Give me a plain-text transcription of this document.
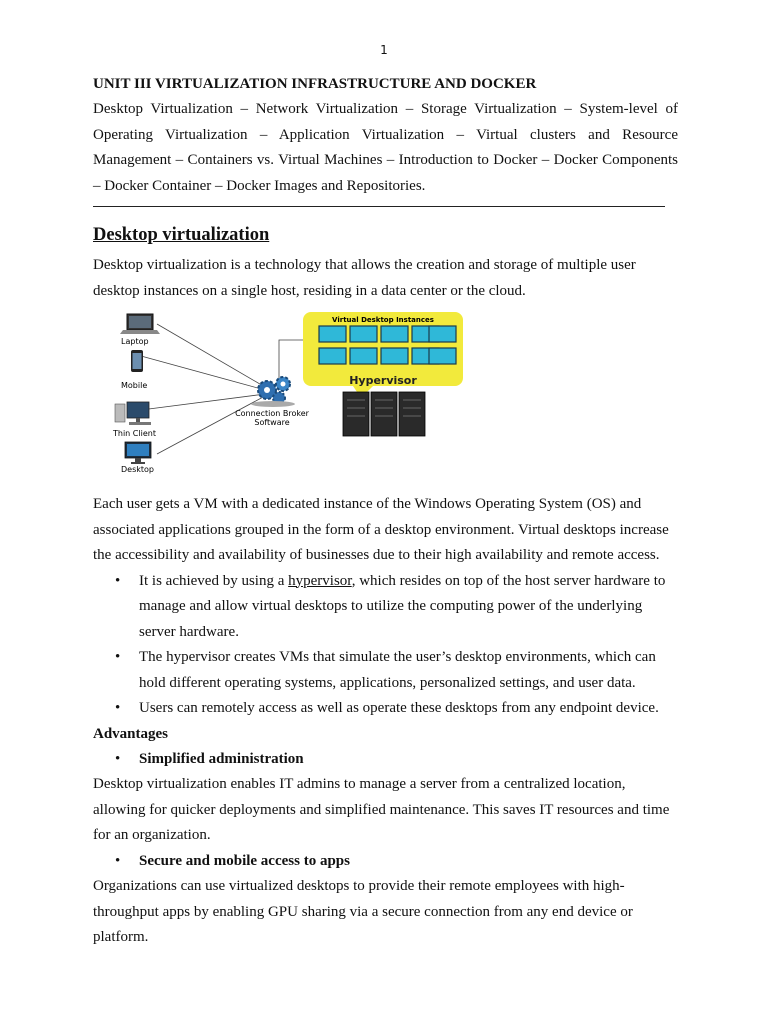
1

UNIT III VIRTUALIZATION INFRASTRUCTURE AND DOCKER

Desktop Virtualization – Network Virtualization – Storage Virtualization – System-level of Operating Virtualization – Application Virtualization – Virtual clusters and Resource Management – Containers vs. Virtual Machines – Introduction to Docker – Docker Components – Docker Container – Docker Images and Repositories.

Desktop virtualization

Desktop virtualization is a technology that allows the creation and storage of multiple user desktop instances on a single host, residing in a data center or the cloud.

Laptop
Mobile
Thin Client
Desktop
Connection Broker
Software
Virtual Desktop Instances
Hypervisor

Each user gets a VM with a dedicated instance of the Windows Operating System (OS) and associated applications grouped in the form of a desktop environment. Virtual desktops increase the accessibility and availability of businesses due to their high availability and remote access.

• It is achieved by using a hypervisor, which resides on top of the host server hardware to manage and allow virtual desktops to utilize the computing power of the underlying server hardware.
• The hypervisor creates VMs that simulate the user’s desktop environments, which can hold different operating systems, applications, personalized settings, and user data.
• Users can remotely access as well as operate these desktops from any endpoint device.

Advantages

• Simplified administration

Desktop virtualization enables IT admins to manage a server from a centralized location, allowing for quicker deployments and simplified maintenance. This saves IT resources and time for an organization.

• Secure and mobile access to apps

Organizations can use virtualized desktops to provide their remote employees with high-throughput apps by enabling GPU sharing via a secure connection from any end device or platform.
